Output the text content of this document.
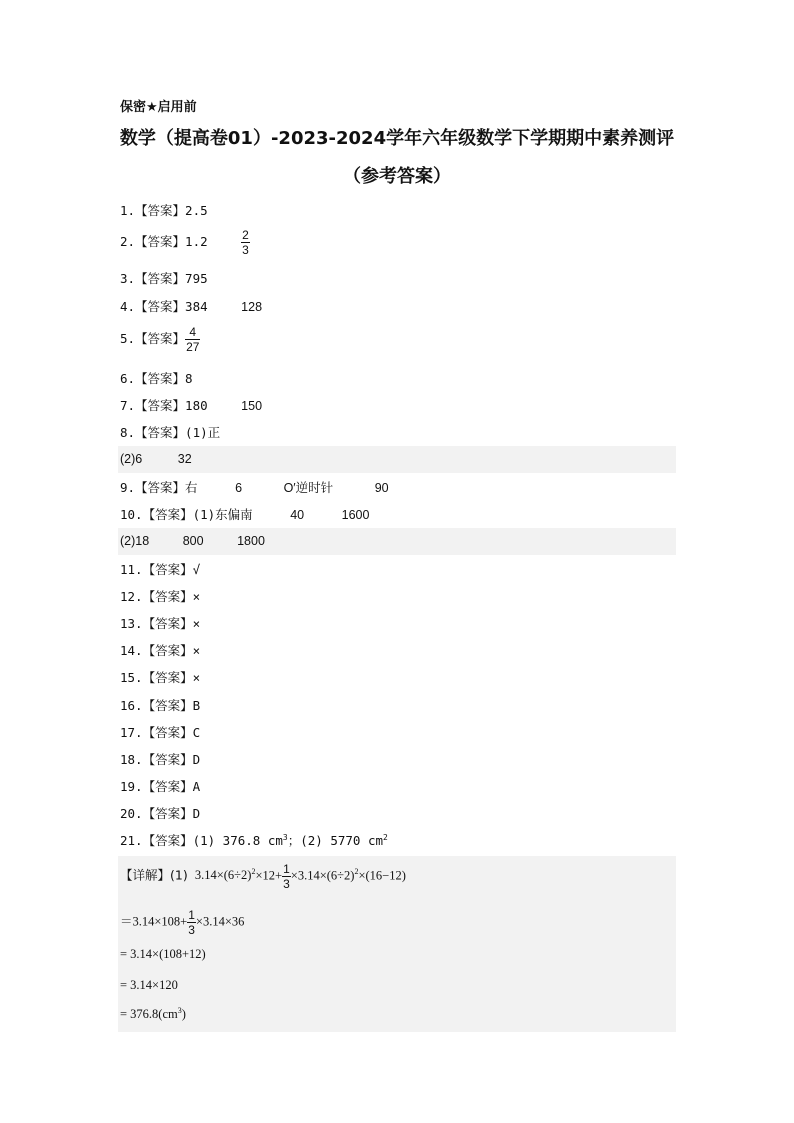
保密★启用前
数学（提高卷01）-2023-2024学年六年级数学下学期期中素养测评
（参考答案）
1.【答案】2.5
2.【答案】1.2	$\frac{2}{3}$
3.【答案】795
4.【答案】384	128
5.【答案】 $\frac{4}{27}$
6.【答案】8
7.【答案】180	150
8.【答案】(1)正
(2)6	32
9.【答案】右	6	O′逆时针	90
10.【答案】(1)东偏南	40	1600
(2)18	800	1800
11.【答案】√
12.【答案】×
13.【答案】×
14.【答案】×
15.【答案】×
16.【答案】B
17.【答案】C
18.【答案】D
19.【答案】A
20.【答案】D
21.【答案】(1) 376.8 $cm^3$；(2) 5770 $cm^2$
【详解】(1) $3.14\times(6\div 2)^2\times 12+ \frac{1}{3} \times 3.14\times(6\div 2)^2\times(16-12)$
$=3.14\times 108+ \frac{1}{3} \times 3.14\times 36$
= 3.14×(108+12)
= 3.14×120
= $376.8(cm^3)$
